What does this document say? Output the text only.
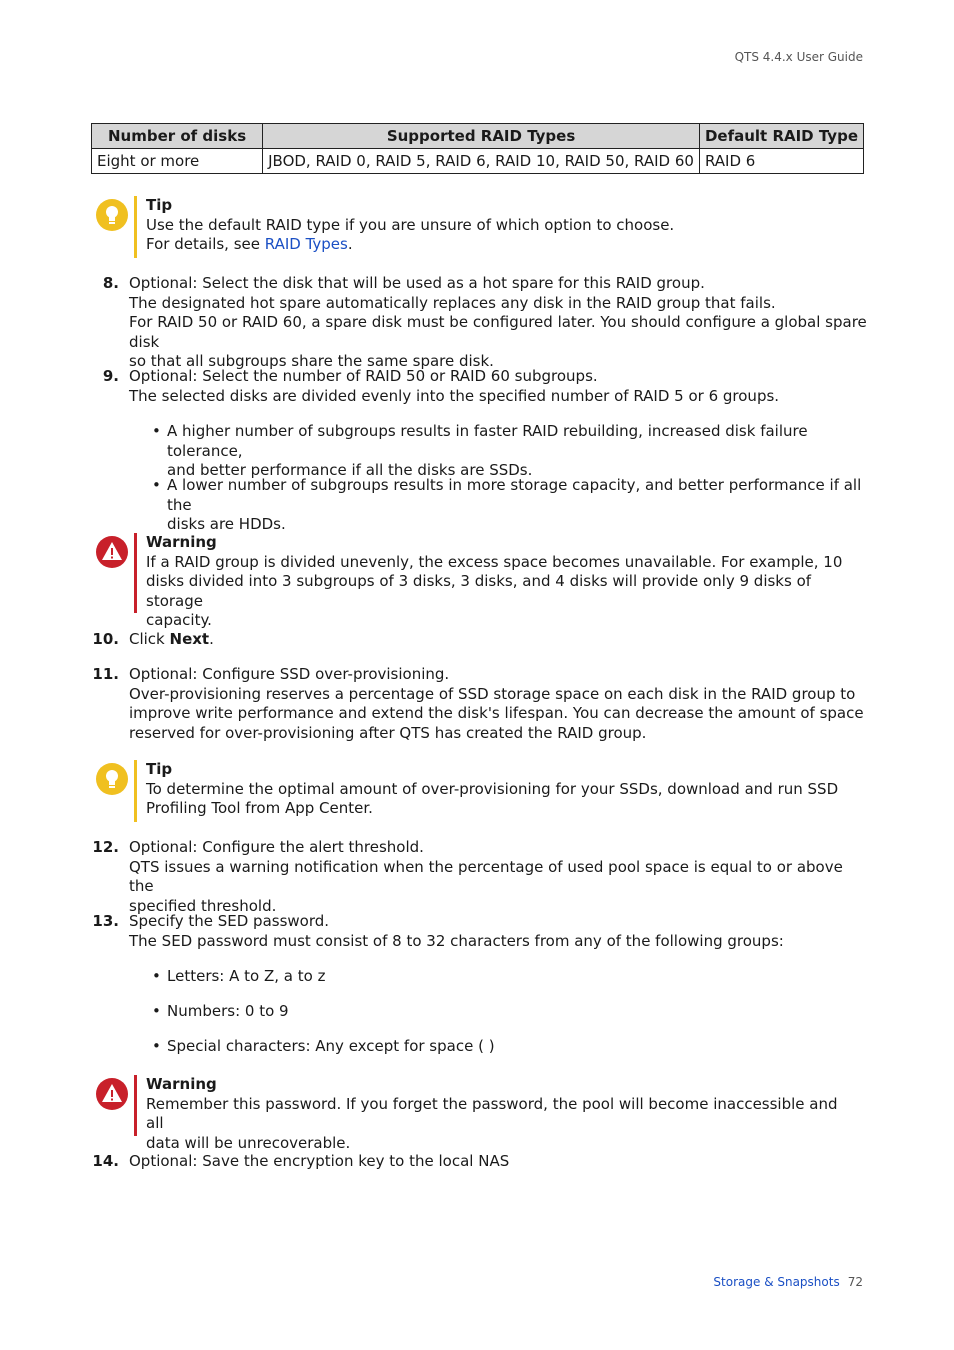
QTS 4.4.x User Guide
Number of disks	Supported RAID Types	Default RAID Type
Eight or more	JBOD, RAID 0, RAID 5, RAID 6, RAID 10, RAID 50, RAID 60	RAID 6
Tip
Use the default RAID type if you are unsure of which option to choose.
For details, see RAID Types.
8. Optional: Select the disk that will be used as a hot spare for this RAID group.
The designated hot spare automatically replaces any disk in the RAID group that fails.
For RAID 50 or RAID 60, a spare disk must be configured later. You should configure a global spare disk
so that all subgroups share the same spare disk.
9. Optional: Select the number of RAID 50 or RAID 60 subgroups.
The selected disks are divided evenly into the specified number of RAID 5 or 6 groups.
• A higher number of subgroups results in faster RAID rebuilding, increased disk failure tolerance,
and better performance if all the disks are SSDs.
• A lower number of subgroups results in more storage capacity, and better performance if all the
disks are HDDs.
Warning
If a RAID group is divided unevenly, the excess space becomes unavailable. For example, 10
disks divided into 3 subgroups of 3 disks, 3 disks, and 4 disks will provide only 9 disks of storage
capacity.
10. Click Next.
11. Optional: Configure SSD over-provisioning.
Over-provisioning reserves a percentage of SSD storage space on each disk in the RAID group to
improve write performance and extend the disk's lifespan. You can decrease the amount of space
reserved for over-provisioning after QTS has created the RAID group.
Tip
To determine the optimal amount of over-provisioning for your SSDs, download and run SSD
Profiling Tool from App Center.
12. Optional: Configure the alert threshold.
QTS issues a warning notification when the percentage of used pool space is equal to or above the
specified threshold.
13. Specify the SED password.
The SED password must consist of 8 to 32 characters from any of the following groups:
• Letters: A to Z, a to z
• Numbers: 0 to 9
• Special characters: Any except for space ( )
Warning
Remember this password. If you forget the password, the pool will become inaccessible and all
data will be unrecoverable.
14. Optional: Save the encryption key to the local NAS
Storage & Snapshots 72
